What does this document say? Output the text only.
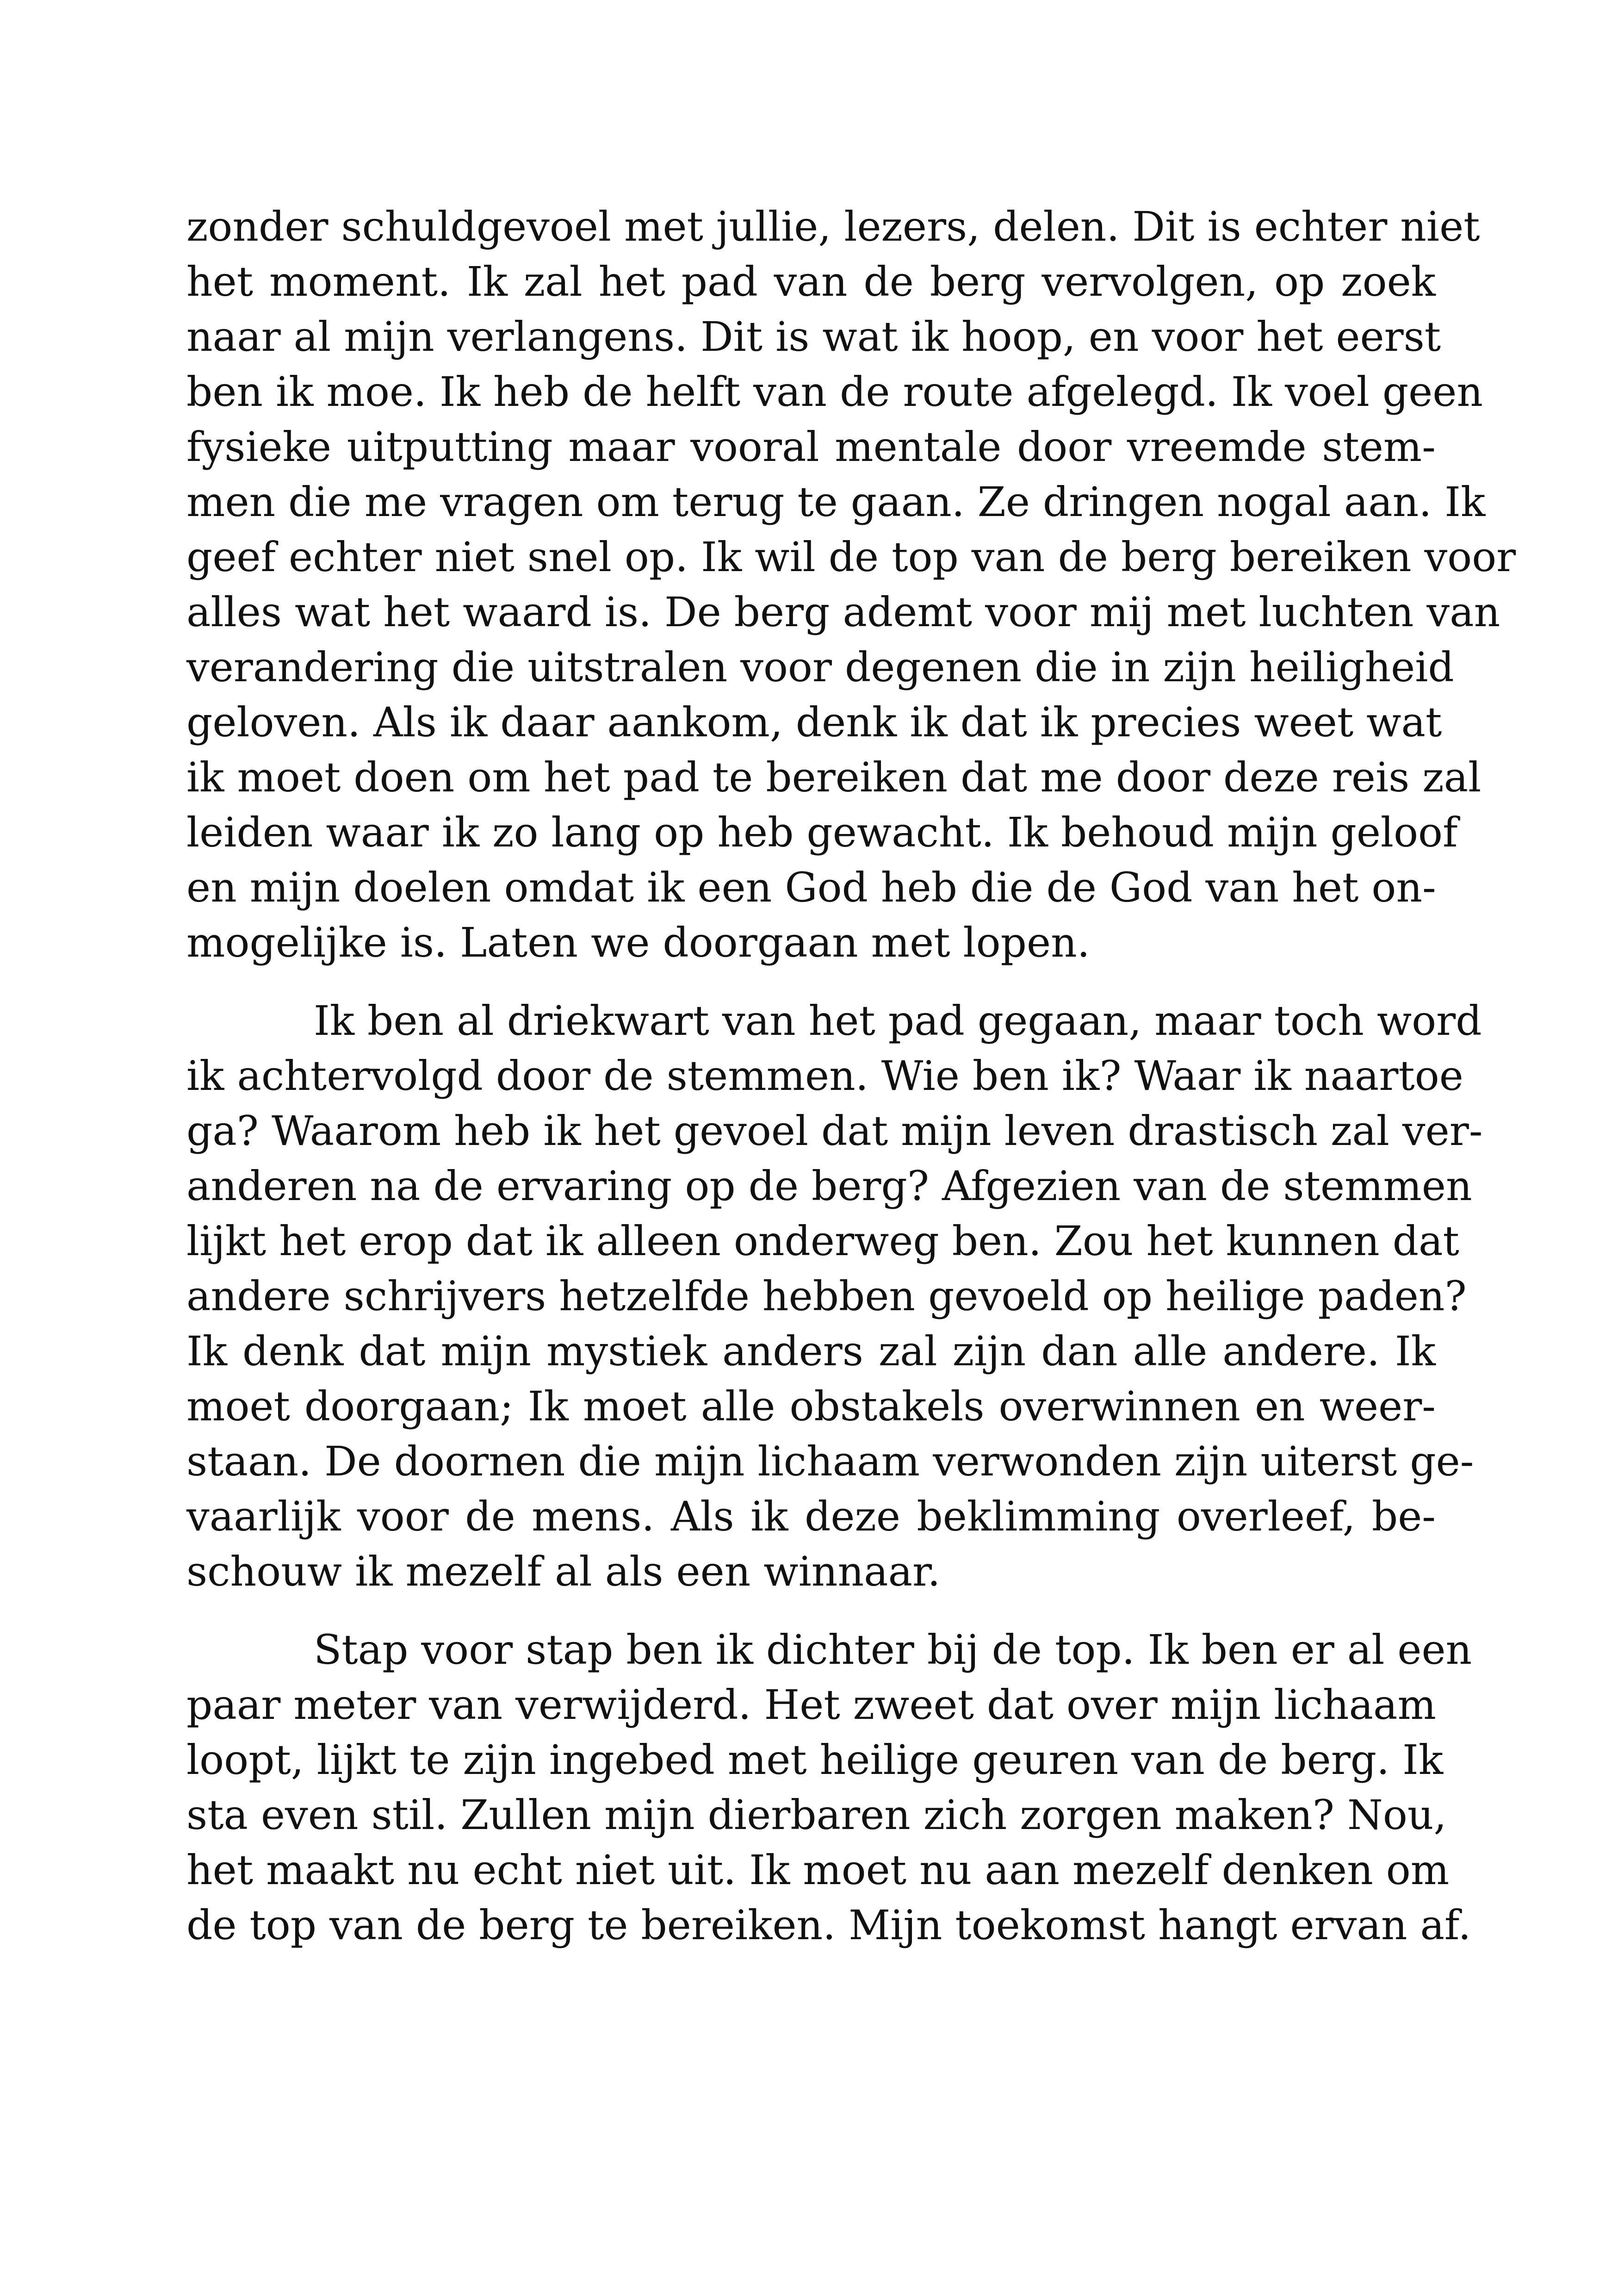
zonder schuldgevoel met jullie, lezers, delen. Dit is echter niet
het moment. Ik zal het pad van de berg vervolgen, op zoek
naar al mijn verlangens. Dit is wat ik hoop, en voor het eerst
ben ik moe. Ik heb de helft van de route afgelegd. Ik voel geen
fysieke uitputting maar vooral mentale door vreemde stem-
men die me vragen om terug te gaan. Ze dringen nogal aan. Ik
geef echter niet snel op. Ik wil de top van de berg bereiken voor
alles wat het waard is. De berg ademt voor mij met luchten van
verandering die uitstralen voor degenen die in zijn heiligheid
geloven. Als ik daar aankom, denk ik dat ik precies weet wat
ik moet doen om het pad te bereiken dat me door deze reis zal
leiden waar ik zo lang op heb gewacht. Ik behoud mijn geloof
en mijn doelen omdat ik een God heb die de God van het on-
mogelijke is. Laten we doorgaan met lopen.
Ik ben al driekwart van het pad gegaan, maar toch word
ik achtervolgd door de stemmen. Wie ben ik? Waar ik naartoe
ga? Waarom heb ik het gevoel dat mijn leven drastisch zal ver-
anderen na de ervaring op de berg? Afgezien van de stemmen
lijkt het erop dat ik alleen onderweg ben. Zou het kunnen dat
andere schrijvers hetzelfde hebben gevoeld op heilige paden?
Ik denk dat mijn mystiek anders zal zijn dan alle andere. Ik
moet doorgaan; Ik moet alle obstakels overwinnen en weer-
staan. De doornen die mijn lichaam verwonden zijn uiterst ge-
vaarlijk voor de mens. Als ik deze beklimming overleef, be-
schouw ik mezelf al als een winnaar.
Stap voor stap ben ik dichter bij de top. Ik ben er al een
paar meter van verwijderd. Het zweet dat over mijn lichaam
loopt, lijkt te zijn ingebed met heilige geuren van de berg. Ik
sta even stil. Zullen mijn dierbaren zich zorgen maken? Nou,
het maakt nu echt niet uit. Ik moet nu aan mezelf denken om
de top van de berg te bereiken. Mijn toekomst hangt ervan af.
